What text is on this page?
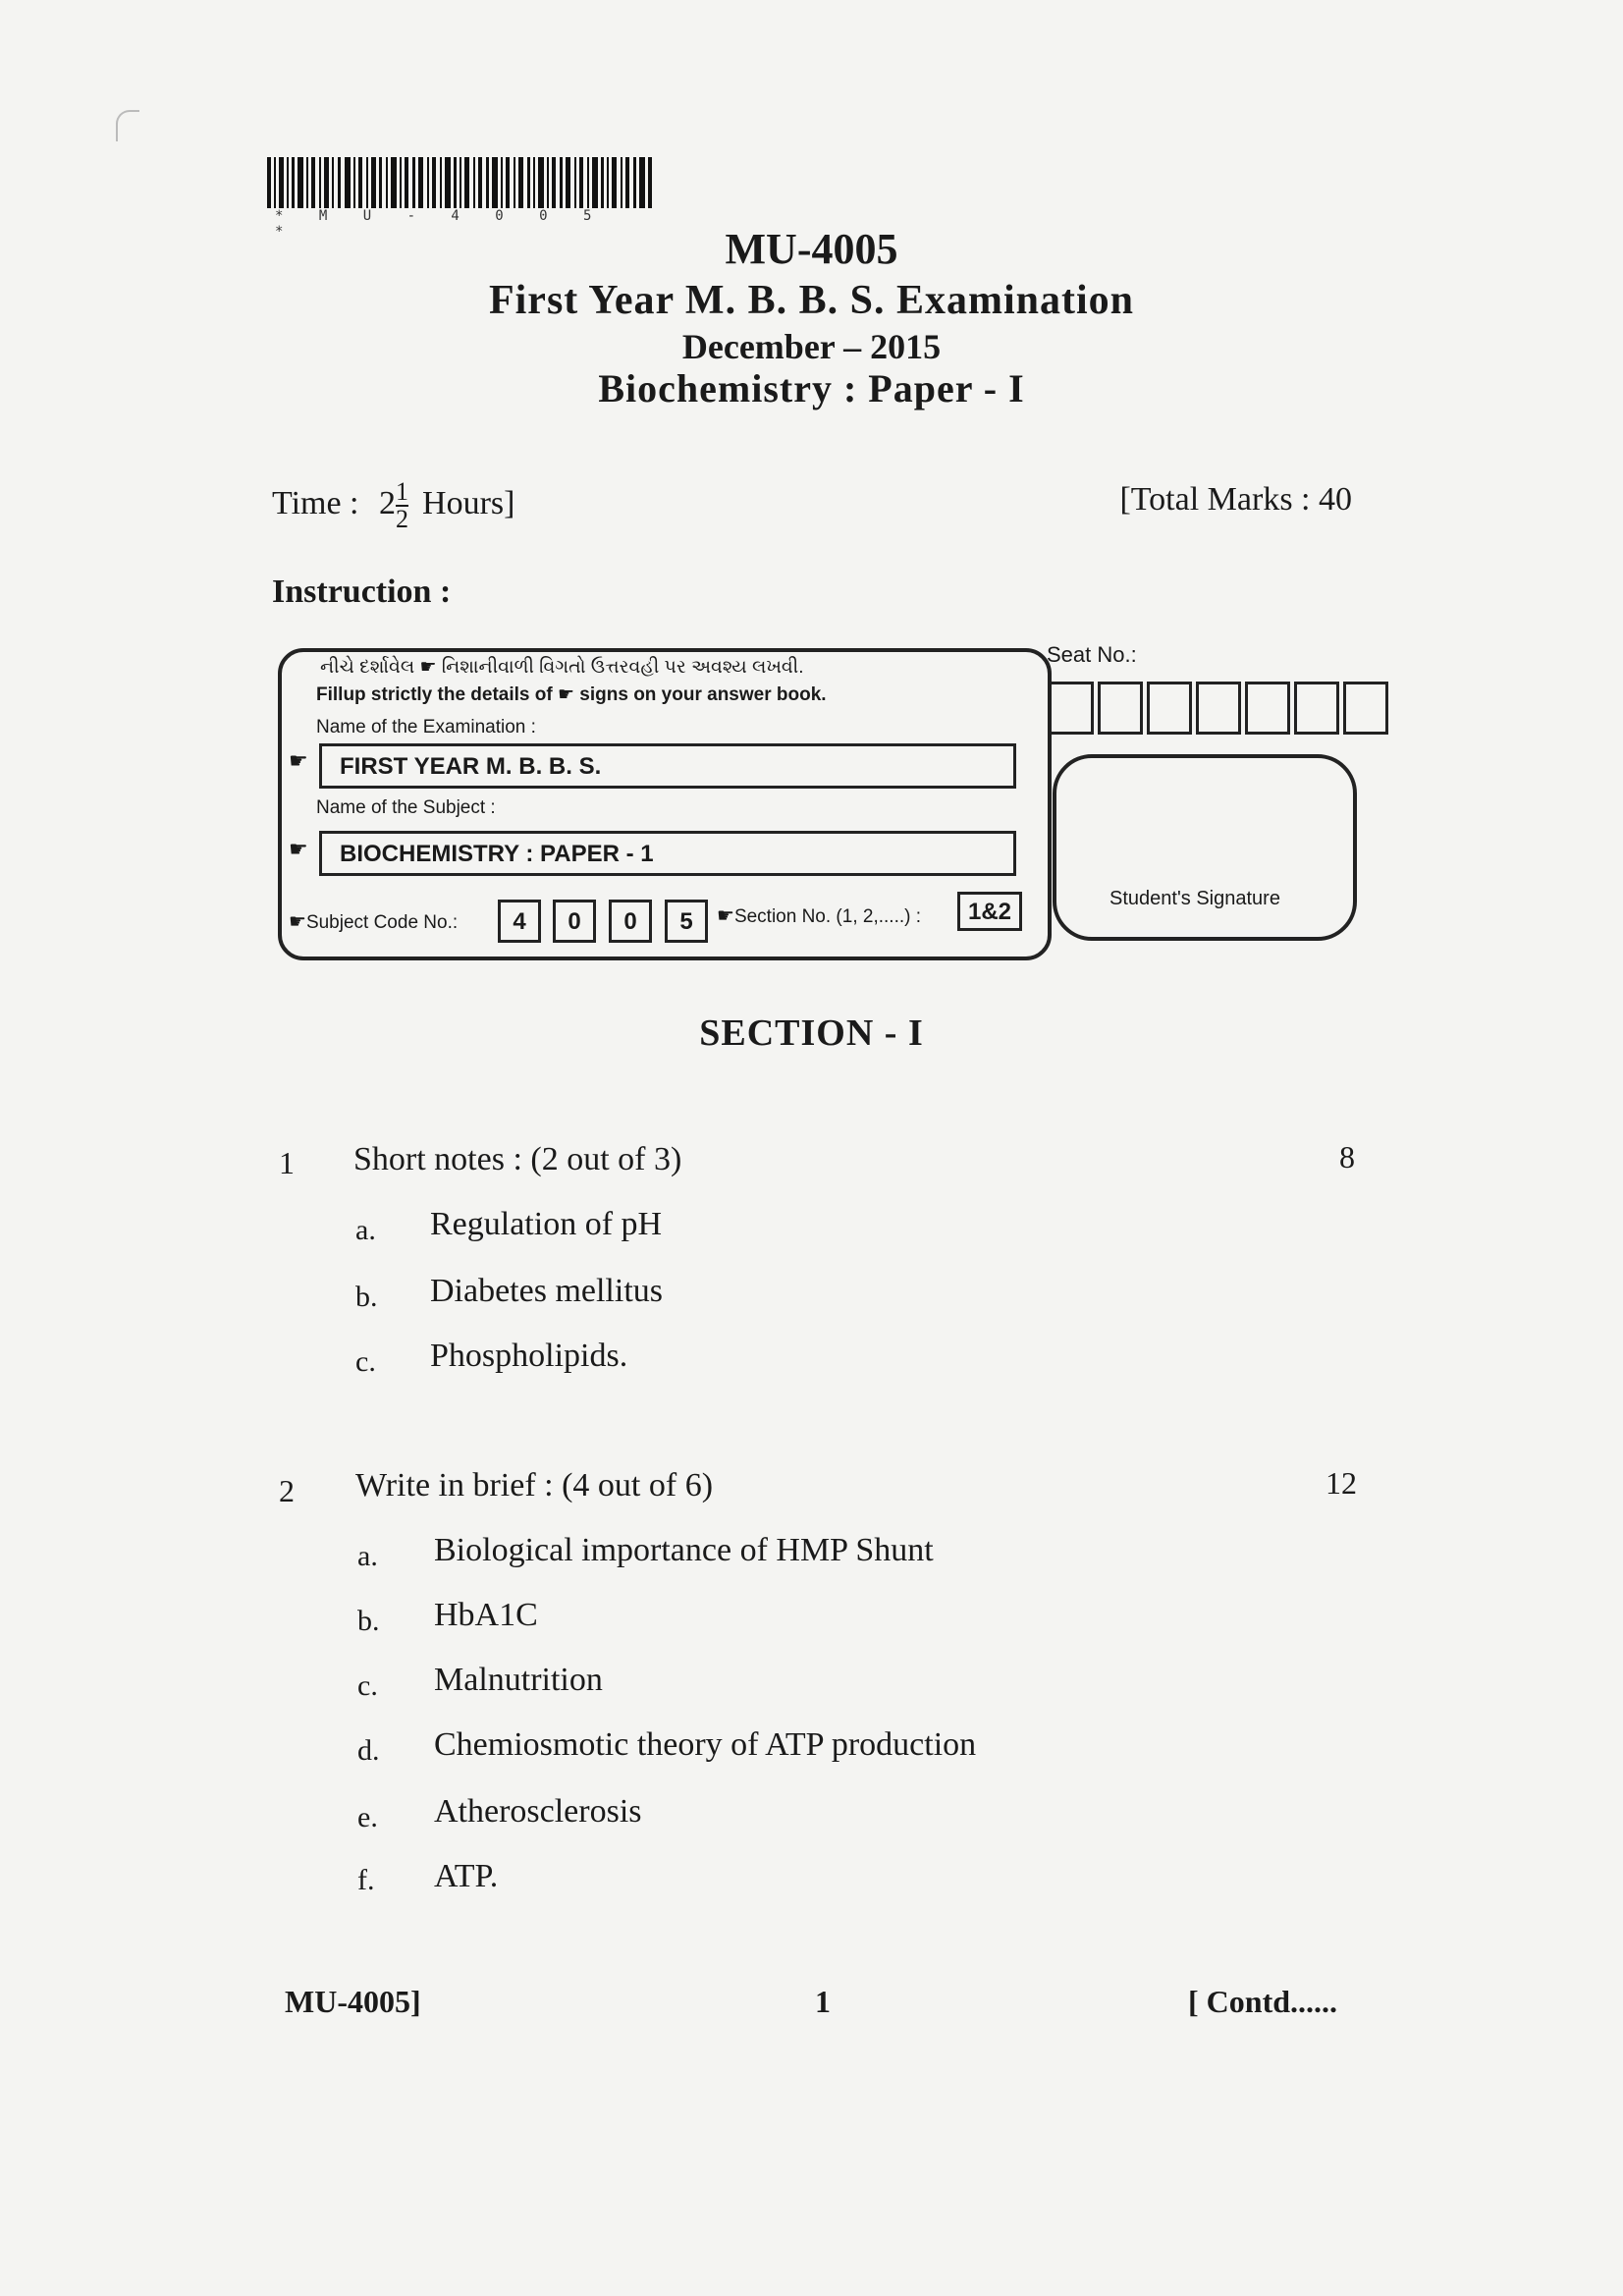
* M U - 4 0 0 5 *	MU-4005
First Year M. B. B. S. Examination
December – 2015
Biochemistry : Paper - I
Time : $2 \frac{1}{2}$ Hours]	[Total Marks : 40
Instruction :
નીચે દર્શાવેલ ☛ નિશાનીવાળી વિગતો ઉત્તરવહી પર અવશ્ય લખવી.
Fillup strictly the details of ☛ signs on your answer book.
Name of the Examination :
☛	FIRST YEAR M. B. B. S.
Name of the Subject :
☛	BIOCHEMISTRY : PAPER - 1
☛Subject Code No.:	4	0	0	5	☛Section No. (1, 2,.....) :	1&2
Seat No.:
Student's Signature
SECTION - I
1 Short notes : (2 out of 3)	8
a. Regulation of pH
b. Diabetes mellitus
c. Phospholipids.
2 Write in brief : (4 out of 6)	12
a. Biological importance of HMP Shunt
b. HbA1C
c. Malnutrition
d. Chemiosmotic theory of ATP production
e. Atherosclerosis
f. ATP.
MU-4005]	1	[ Contd......
